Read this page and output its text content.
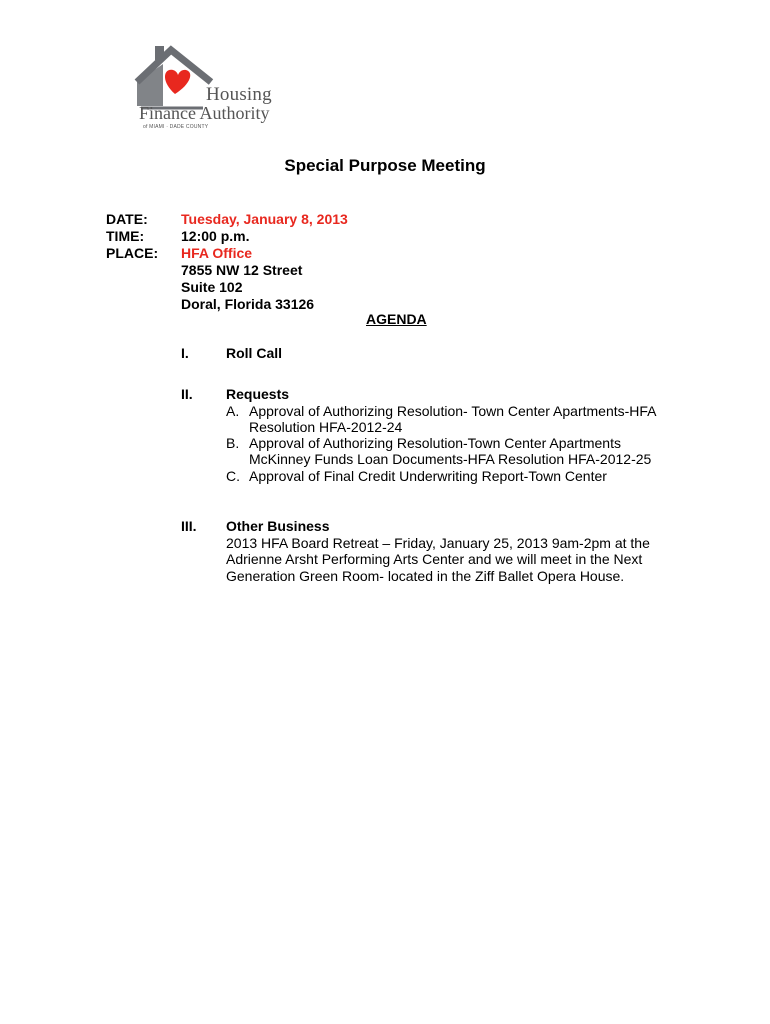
Housing
Finance Authority
of MIAMI · DADE COUNTY
Special Purpose Meeting
DATE: Tuesday, January 8, 2013
TIME:	12:00 p.m.
PLACE: HFA Office
7855 NW 12 Street
Suite 102
Doral, Florida 33126
AGENDA
I.	Roll Call
II. Requests
A. Approval of Authorizing Resolution- Town Center Apartments-HFA
Resolution HFA-2012-24
B. Approval of Authorizing Resolution-Town Center Apartments
McKinney Funds Loan Documents-HFA Resolution HFA-2012-25
C. Approval of Final Credit Underwriting Report-Town Center
III. Other Business
2013 HFA Board Retreat – Friday, January 25, 2013 9am-2pm at the
Adrienne Arsht Performing Arts Center and we will meet in the Next
Generation Green Room- located in the Ziff Ballet Opera House.
